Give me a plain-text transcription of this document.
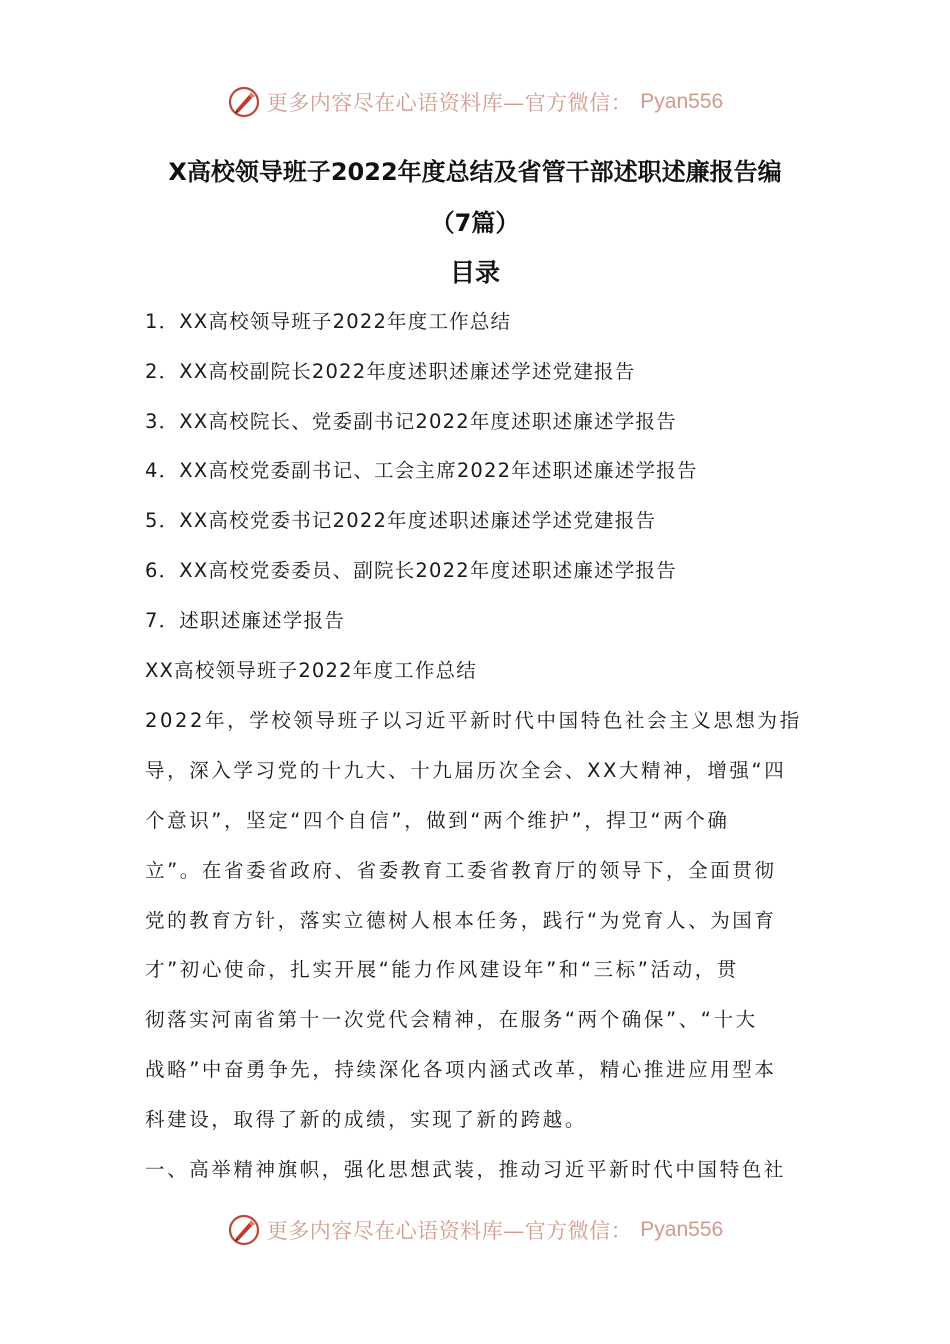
更多内容尽在心语资料库—官方微信： Pyan556
X高校领导班子2022年度总结及省管干部述职述廉报告编
（7篇）
目录
1．XX高校领导班子2022年度工作总结
2．XX高校副院长2022年度述职述廉述学述党建报告
3．XX高校院长、党委副书记2022年度述职述廉述学报告
4．XX高校党委副书记、工会主席2022年述职述廉述学报告
5．XX高校党委书记2022年度述职述廉述学述党建报告
6．XX高校党委委员、副院长2022年度述职述廉述学报告
7．述职述廉述学报告
XX高校领导班子2022年度工作总结
2022年，学校领导班子以习近平新时代中国特色社会主义思想为指
导，深入学习党的十九大、十九届历次全会、XX大精神，增强“四
个意识”，坚定“四个自信”，做到“两个维护”，捍卫“两个确
立”。在省委省政府、省委教育工委省教育厅的领导下，全面贯彻
党的教育方针，落实立德树人根本任务，践行“为党育人、为国育
才”初心使命，扎实开展“能力作风建设年”和“三标”活动，贯
彻落实河南省第十一次党代会精神，在服务“两个确保”、“十大
战略”中奋勇争先，持续深化各项内涵式改革，精心推进应用型本
科建设，取得了新的成绩，实现了新的跨越。
一、高举精神旗帜，强化思想武装，推动习近平新时代中国特色社
更多内容尽在心语资料库—官方微信： Pyan556
